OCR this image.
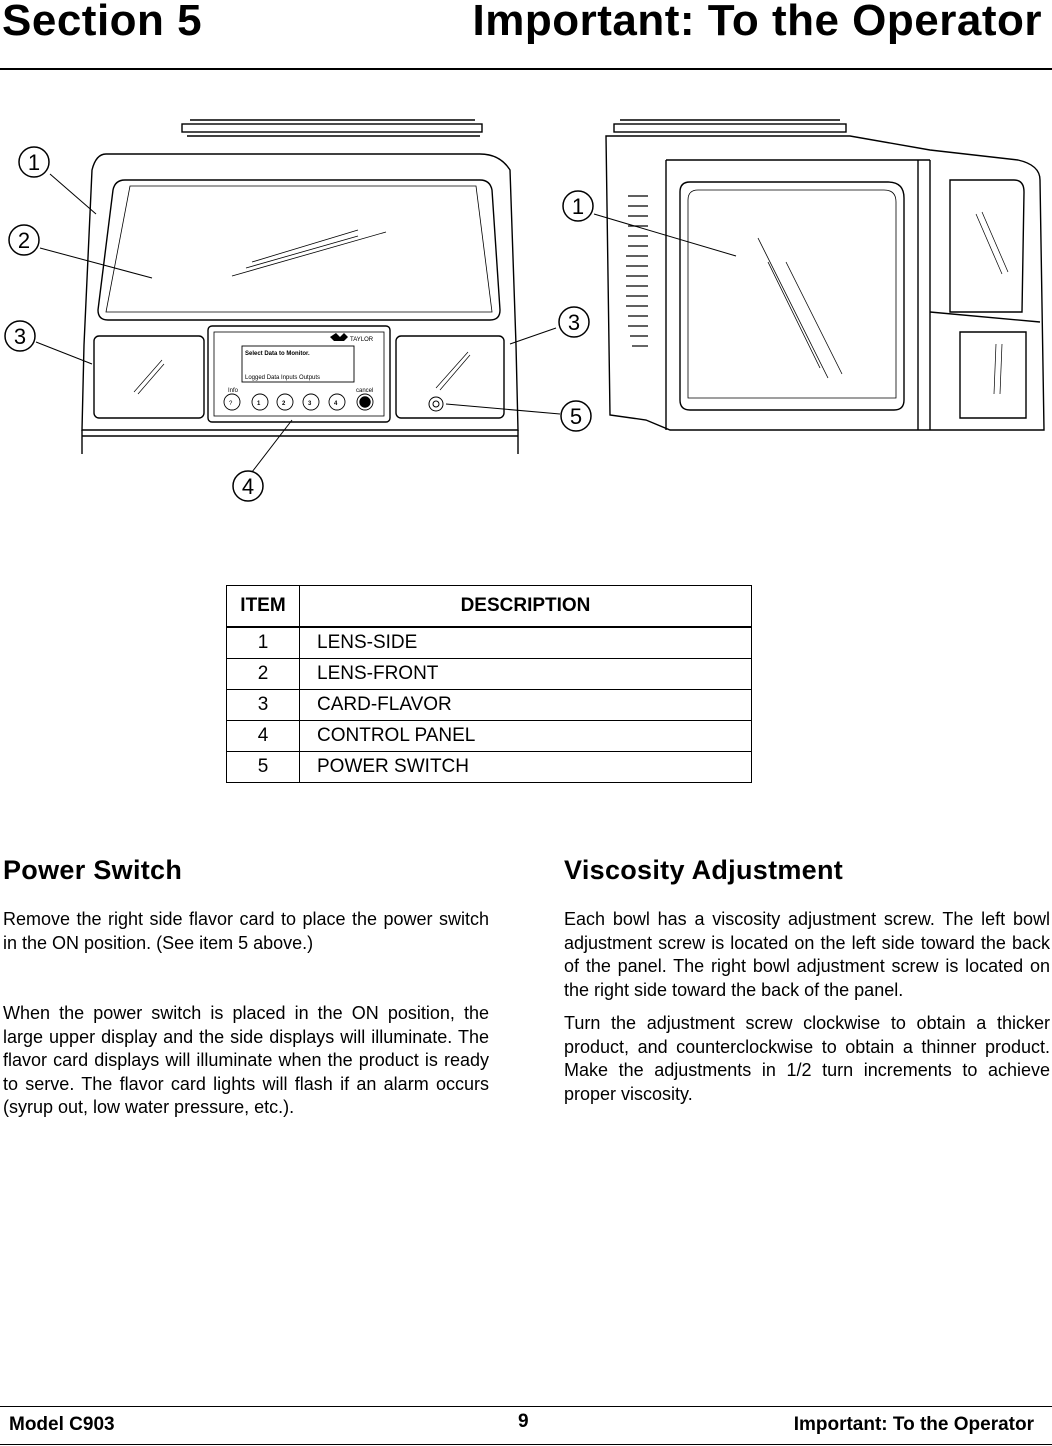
Section 5	Important: To the Operator
TAYLOR
Select Data to Monitor.
Logged Data Inputs Outputs
Info	cancel
?	1	2	3	4
1
2
3
4
3
5
1
ITEM	DESCRIPTION
1	LENS-SIDE
2	LENS-FRONT
3	CARD-FLAVOR
4	CONTROL PANEL
5	POWER SWITCH
Power Switch

Remove the right side flavor card to place the power switch in the ON position. (See item 5 above.)

When the power switch is placed in the ON position, the large upper display and the side displays will illuminate. The flavor card displays will illuminate when the product is ready to serve. The flavor card lights will flash if an alarm occurs (syrup out, low water pressure, etc.).

Viscosity Adjustment

Each bowl has a viscosity adjustment screw. The left bowl adjustment screw is located on the left side toward the back of the panel. The right bowl adjustment screw is located on the right side toward the back of the panel.

Turn the adjustment screw clockwise to obtain a thicker product, and counterclockwise to obtain a thinner product. Make the adjustments in 1/2 turn increments to achieve proper viscosity.

Model C903	9	Important: To the Operator
